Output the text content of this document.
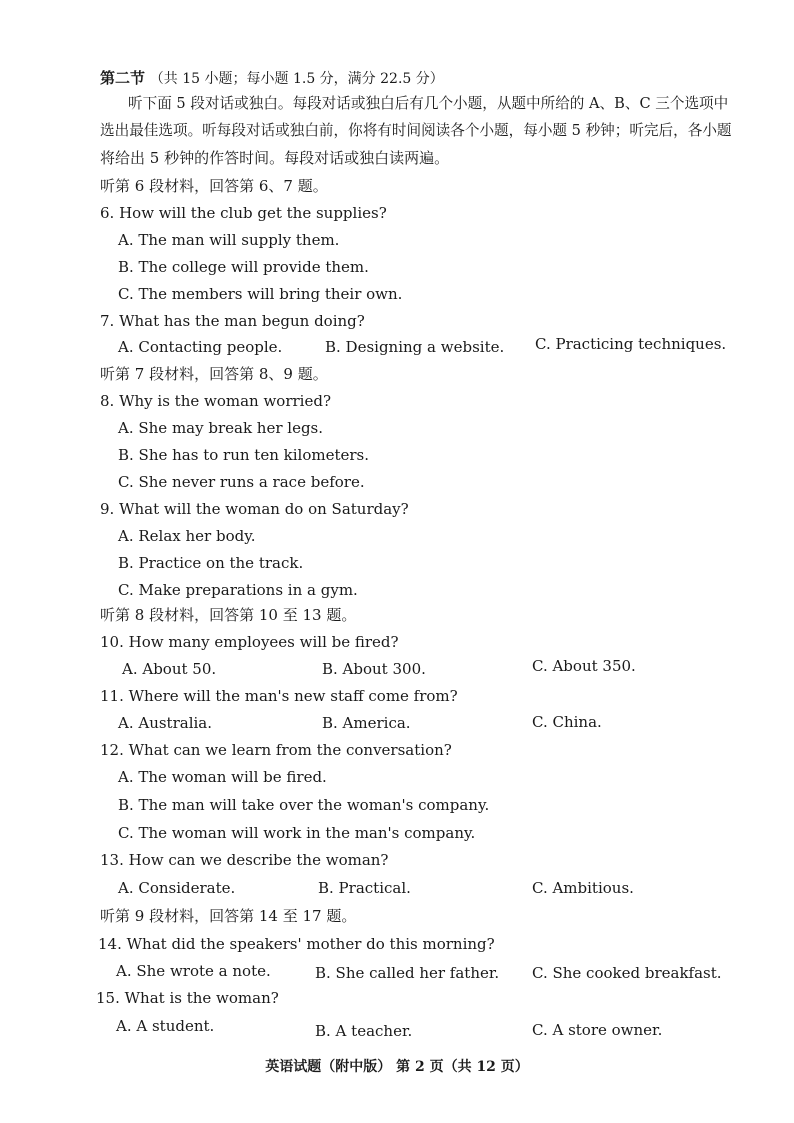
第二节 （共 15 小题；每小题 1.5 分，满分 22.5 分）
听下面 5 段对话或独白。每段对话或独白后有几个小题，从题中所给的 A、B、C 三个选项中
选出最佳选项。听每段对话或独白前，你将有时间阅读各个小题，每小题 5 秒钟；听完后，各小题
将给出 5 秒钟的作答时间。每段对话或独白读两遍。
听第 6 段材料，回答第 6、7 题。
6. How will the club get the supplies?
A. The man will supply them.
B. The college will provide them.
C. The members will bring their own.
7. What has the man begun doing?
A. Contacting people.	B. Designing a website. C. Practicing techniques.
听第 7 段材料，回答第 8、9 题。
8. Why is the woman worried?
A. She may break her legs.
B. She has to run ten kilometers.
C. She never runs a race before.
9. What will the woman do on Saturday?
A. Relax her body.
B. Practice on the track.
C. Make preparations in a gym.
听第 8 段材料，回答第 10 至 13 题。
10. How many employees will be fired?
A. About 50.	B. About 300.	C. About 350.
11. Where will the man's new staff come from?
A. Australia.	B. America.	C. China.
12. What can we learn from the conversation?
A. The woman will be fired.
B. The man will take over the woman's company.
C. The woman will work in the man's company.
13. How can we describe the woman?
A. Considerate.	B. Practical.	C. Ambitious.
听第 9 段材料，回答第 14 至 17 题。
14. What did the speakers' mother do this morning?
A. She wrote a note.	B. She called her father. C. She cooked breakfast.
15. What is the woman?
A. A student.	B. A teacher.	C. A store owner.
英语试题（附中版） 第 2 页（共 12 页）
